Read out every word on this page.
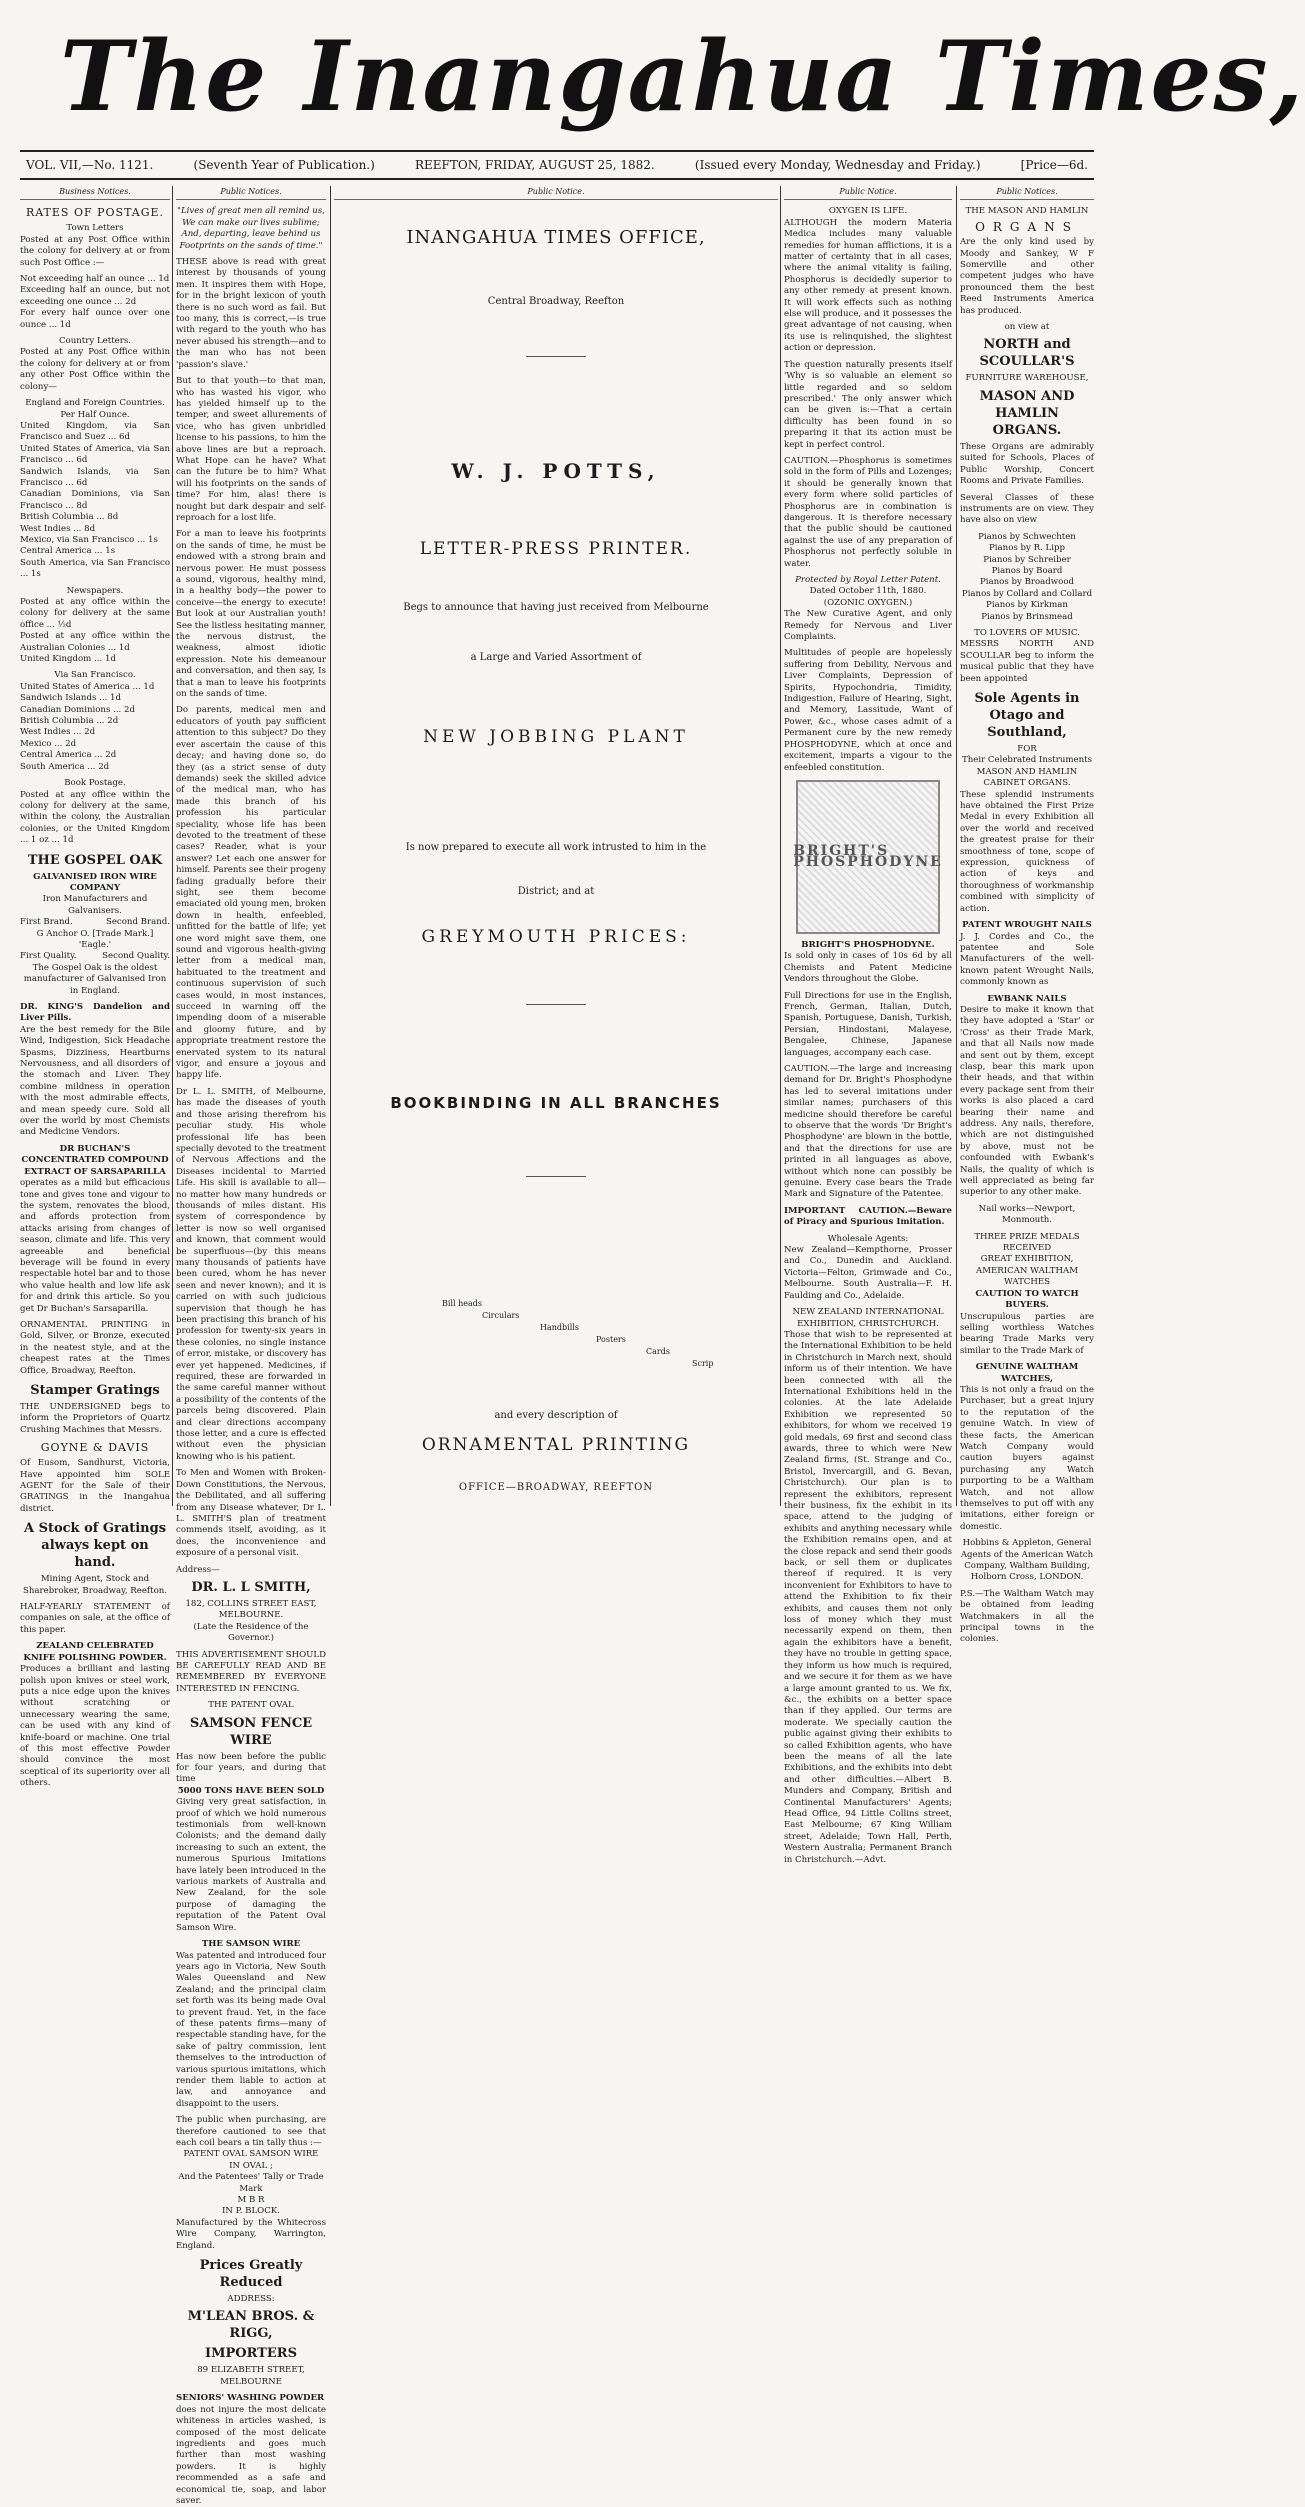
The Inangahua Times,
VOL. VII,—No. 1121.	(Seventh Year of Publication.)	REEFTON, FRIDAY, AUGUST 25, 1882.	(Issued every Monday, Wednesday and Friday.)	[Price—6d.
Business Notices.
RATES OF POSTAGE.
Town Letters
Posted at any Post Office within the colony for delivery at or from such Post Office :—
Not exceeding half an ounce ... 1d
Exceeding half an ounce, but not exceeding one ounce ... 2d
For every half ounce over one ounce ... 1d
Country Letters.
Posted at any Post Office within the colony for delivery at or from any other Post Office within the colony—
England and Foreign Countries.
Per Half Ounce.
United Kingdom, via San Francisco and Suez ... 6d
United States of America, via San Francisco ... 6d
Sandwich Islands, via San Francisco ... 6d
Canadian Dominions, via San Francisco ... 8d
British Columbia ... 8d
West Indies ... 8d
Mexico, via San Francisco ... 1s
Central America ... 1s
South America, via San Francisco ... 1s
Newspapers.
Posted at any office within the colony for delivery at the same office ... ½d
Posted at any office within the Australian Colonies ... 1d
United Kingdom ... 1d
Via San Francisco.
United States of America ... 1d
Sandwich Islands ... 1d
Canadian Dominions ... 2d
British Columbia ... 2d
West Indies ... 2d
Mexico ... 2d
Central America ... 2d
South America ... 2d
Book Postage.
Posted at any office within the colony for delivery at the same, within the colony, the Australian colonies, or the United Kingdom ... 1 oz ... 1d
THE GOSPEL OAK
GALVANISED IRON WIRE COMPANY
Iron Manufacturers and Galvanisers.
First Brand.	Second Brand.
G Anchor O. [Trade Mark.] 'Eagle.'
First Quality.	Second Quality.
The Gospel Oak is the oldest manufacturer of Galvanised Iron in England.
DR. KING'S Dandelion and Liver Pills.
Are the best remedy for the Bile Wind, Indigestion, Sick Headache Spasms, Dizziness, Heartburns Nervousness, and all disorders of the stomach and Liver. They combine mildness in operation with the most admirable effects, and mean speedy cure. Sold all over the world by most Chemists and Medicine Vendors.
DR BUCHAN'S CONCENTRATED COMPOUND EXTRACT OF SARSAPARILLA
operates as a mild but efficacious tone and gives tone and vigour to the system, renovates the blood, and affords protection from attacks arising from changes of season, climate and life. This very agreeable and beneficial beverage will be found in every respectable hotel bar and to those who value health and low life ask for and drink this article. So you get Dr Buchan's Sarsaparilla.
ORNAMENTAL PRINTING in Gold, Silver, or Bronze, executed in the neatest style, and at the cheapest rates at the Times Office, Broadway, Reefton.
Stamper Gratings
THE UNDERSIGNED begs to inform the Proprietors of Quartz Crushing Machines that Messrs.
GOYNE & DAVIS
Of Eusom, Sandhurst, Victoria, Have appointed him SOLE AGENT for the Sale of their GRATINGS in the Inangahua district.
A Stock of Gratings always kept on hand.
Mining Agent, Stock and Sharebroker, Broadway, Reefton.
HALF-YEARLY STATEMENT of companies on sale, at the office of this paper.
ZEALAND CELEBRATED KNIFE POLISHING POWDER.
Produces a brilliant and lasting polish upon knives or steel work, puts a nice edge upon the knives without scratching or unnecessary wearing the same, can be used with any kind of knife-board or machine. One trial of this most effective Powder should convince the most sceptical of its superiority over all others.
Public Notices.
"Lives of great men all remind us, We can make our lives sublime; And, departing, leave behind us Footprints on the sands of time."
THESE above is read with great interest by thousands of young men. It inspires them with Hope, for in the bright lexicon of youth there is no such word as fail. But too many, this is correct,—is true with regard to the youth who has never abused his strength—and to the man who has not been 'passion's slave.'
But to that youth—to that man, who has wasted his vigor, who has yielded himself up to the temper, and sweet allurements of vice, who has given unbridled license to his passions, to him the above lines are but a reproach. What Hope can he have? What can the future be to him? What will his footprints on the sands of time? For him, alas! there is nought but dark despair and self-reproach for a lost life.
For a man to leave his footprints on the sands of time, he must be endowed with a strong brain and nervous power. He must possess a sound, vigorous, healthy mind, in a healthy body—the power to conceive—the energy to execute! But look at our Australian youth! See the listless hesitating manner, the nervous distrust, the weakness, almost idiotic expression. Note his demeanour and conversation, and then say, Is that a man to leave his footprints on the sands of time.
Do parents, medical men and educators of youth pay sufficient attention to this subject? Do they ever ascertain the cause of this decay; and having done so, do they (as a strict sense of duty demands) seek the skilled advice of the medical man, who has made this branch of his profession his particular speciality, whose life has been devoted to the treatment of these cases? Reader, what is your answer? Let each one answer for himself. Parents see their progeny fading gradually before their sight, see them become emaciated old young men, broken down in health, enfeebled, unfitted for the battle of life; yet one word might save them, one sound and vigorous health-giving letter from a medical man, habituated to the treatment and continuous supervision of such cases would, in most instances, succeed in warning off the impending doom of a miserable and gloomy future, and by appropriate treatment restore the enervated system to its natural vigor, and ensure a joyous and happy life.
Dr L. L. SMITH, of Melbourne, has made the diseases of youth and those arising therefrom his peculiar study. His whole professional life has been specially devoted to the treatment of Nervous Affections and the Diseases incidental to Married Life. His skill is available to all—no matter how many hundreds or thousands of miles distant. His system of correspondence by letter is now so well organised and known, that comment would be superfluous—(by this means many thousands of patients have been cured, whom he has never seen and never known); and it is carried on with such judicious supervision that though he has been practising this branch of his profession for twenty-six years in these colonies, no single instance of error, mistake, or discovery has ever yet happened. Medicines, if required, these are forwarded in the same careful manner without a possibility of the contents of the parcels being discovered. Plain and clear directions accompany those letter, and a cure is effected without even the physician knowing who is his patient.
To Men and Women with Broken-Down Constitutions, the Nervous, the Debilitated, and all suffering from any Disease whatever, Dr L. L. SMITH'S plan of treatment commends itself, avoiding, as it does, the inconvenience and exposure of a personal visit.
Address—
DR. L. L SMITH,
182, COLLINS STREET EAST, MELBOURNE.
(Late the Residence of the Governor.)
THIS ADVERTISEMENT SHOULD BE CAREFULLY READ AND BE REMEMBERED BY EVERYONE INTERESTED IN FENCING.
THE PATENT OVAL
SAMSON FENCE WIRE
Has now been before the public for four years, and during that time
5000 TONS HAVE BEEN SOLD
Giving very great satisfaction, in proof of which we hold numerous testimonials from well-known Colonists; and the demand daily increasing to such an extent, the numerous Spurious Imitations have lately been introduced in the various markets of Australia and New Zealand, for the sole purpose of damaging the reputation of the Patent Oval Samson Wire.
THE SAMSON WIRE
Was patented and introduced four years ago in Victoria, New South Wales Queensland and New Zealand; and the principal claim set forth was its being made Oval to prevent fraud. Yet, in the face of these patents firms—many of respectable standing have, for the sake of paltry commission, lent themselves to the introduction of various spurious imitations, which render them liable to action at law, and annoyance and disappoint to the users.
The public when purchasing, are therefore cautioned to see that each coil bears a tin tally thus :—
PATENT OVAL SAMSON WIRE
IN OVAL ;
And the Patentees' Tally or Trade Mark
M B R
IN P. BLOCK.
Manufactured by the Whitecross Wire Company, Warrington, England.
Prices Greatly Reduced
ADDRESS:
M'LEAN BROS. & RIGG,
IMPORTERS
89 ELIZABETH STREET, MELBOURNE
SENIORS' WASHING POWDER
does not injure the most delicate whiteness in articles washed, is composed of the most delicate ingredients and goes much further than most washing powders. It is highly recommended as a safe and economical tie, soap, and labor saver.
Public Notice.
INANGAHUA TIMES OFFICE,
Central Broadway, Reefton
W. J. POTTS,
LETTER-PRESS PRINTER.
Begs to announce that having just received from Melbourne
a Large and Varied Assortment of
NEW JOBBING PLANT
Is now prepared to execute all work intrusted to him in the
District; and at
GREYMOUTH PRICES:
BOOKBINDING IN ALL BRANCHES
Bill heads
Circulars
Handbills
Posters
Cards
Scrip
and every description of
ORNAMENTAL PRINTING
OFFICE—BROADWAY, REEFTON
Public Notice.
OXYGEN IS LIFE.
ALTHOUGH the modern Materia Medica includes many valuable remedies for human afflictions, it is a matter of certainty that in all cases, where the animal vitality is failing, Phosphorus is decidedly superior to any other remedy at present known. It will work effects such as nothing else will produce, and it possesses the great advantage of not causing, when its use is relinquished, the slightest action or depression.
The question naturally presents itself 'Why is so valuable an element so little regarded and so seldom prescribed.' The only answer which can be given is:—That a certain difficulty has been found in so preparing it that its action must be kept in perfect control.
CAUTION.—Phosphorus is sometimes sold in the form of Pills and Lozenges; it should be generally known that every form where solid particles of Phosphorus are in combination is dangerous. It is therefore necessary that the public should be cautioned against the use of any preparation of Phosphorus not perfectly soluble in water.
Protected by Royal Letter Patent.
Dated October 11th, 1880.
(OZONIC OXYGEN.)
The New Curative Agent, and only Remedy for Nervous and Liver Complaints.
Multitudes of people are hopelessly suffering from Debility, Nervous and Liver Complaints, Depression of Spirits, Hypochondria, Timidity, Indigestion, Failure of Hearing, Sight, and Memory, Lassitude, Want of Power, &c., whose cases admit of a Permanent cure by the new remedy PHOSPHODYNE, which at once and excitement, imparts a vigour to the enfeebled constitution.
BRIGHT'S PHOSPHODYNE
BRIGHT'S PHOSPHODYNE.
Is sold only in cases of 10s 6d by all Chemists and Patent Medicine Vendors throughout the Globe.
Full Directions for use in the English, French, German, Italian, Dutch, Spanish, Portuguese, Danish, Turkish, Persian, Hindostani, Malayese, Bengalee, Chinese, Japanese languages, accompany each case.
CAUTION.—The large and increasing demand for Dr. Bright's Phosphodyne has led to several imitations under similar names; purchasers of this medicine should therefore be careful to observe that the words 'Dr Bright's Phosphodyne' are blown in the bottle, and that the directions for use are printed in all languages as above, without which none can possibly be genuine. Every case bears the Trade Mark and Signature of the Patentee.
IMPORTANT CAUTION.—Beware of Piracy and Spurious Imitation.
Wholesale Agents:
New Zealand—Kempthorne, Prosser and Co., Dunedin and Auckland. Victoria—Felton, Grimwade and Co., Melbourne. South Australia—F. H. Faulding and Co., Adelaide.
NEW ZEALAND INTERNATIONAL EXHIBITION, CHRISTCHURCH.
Those that wish to be represented at the International Exhibition to be held in Christchurch in March next, should inform us of their intention. We have been connected with all the International Exhibitions held in the colonies. At the late Adelaide Exhibition we represented 50 exhibitors, for whom we received 19 gold medals, 69 first and second class awards, three to which were New Zealand firms, (St. Strange and Co., Bristol, Invercargill, and G. Bevan, Christchurch). Our plan is to represent the exhibitors, represent their business, fix the exhibit in its space, attend to the judging of exhibits and anything necessary while the Exhibition remains open, and at the close repack and send their goods back, or sell them or duplicates thereof if required. It is very inconvenient for Exhibitors to have to attend the Exhibition to fix their exhibits, and causes them not only loss of money which they must necessarily expend on them, then again the exhibitors have a benefit, they have no trouble in getting space, they inform us how much is required, and we secure it for them as we have a large amount granted to us. We fix, &c., the exhibits on a better space than if they applied. Our terms are moderate. We specially caution the public against giving their exhibits to so called Exhibition agents, who have been the means of all the late Exhibitions, and the exhibits into debt and other difficulties.—Albert B. Munders and Company, British and Continental Manufacturers' Agents; Head Office, 94 Little Collins street, East Melbourne; 67 King William street, Adelaide; Town Hall, Perth, Western Australia; Permanent Branch in Christchurch.—Advt.
Public Notices.
THE MASON AND HAMLIN
ORGANS
Are the only kind used by Moody and Sankey, W F Somerville and other competent judges who have pronounced them the best Reed Instruments America has produced.
on view at
NORTH and SCOULLAR'S
FURNITURE WAREHOUSE,
MASON AND HAMLIN ORGANS.
These Organs are admirably suited for Schools, Places of Public Worship, Concert Rooms and Private Families.
Several Classes of these instruments are on view. They have also on view
Pianos by Schwechten
Pianos by R. Lipp
Pianos by Schreiber
Pianos by Board
Pianos by Broadwood
Pianos by Collard and Collard
Pianos by Kirkman
Pianos by Brinsmead
TO LOVERS OF MUSIC.
MESSRS NORTH AND SCOULLAR beg to inform the musical public that they have been appointed
Sole Agents in Otago and Southland,
FOR
Their Celebrated Instruments
MASON AND HAMLIN CABINET ORGANS.
These splendid instruments have obtained the First Prize Medal in every Exhibition all over the world and received the greatest praise for their smoothness of tone, scope of expression, quickness of action of keys and thoroughness of workmanship combined with simplicity of action.
PATENT WROUGHT NAILS
J. J. Cordes and Co., the patentee and Sole Manufacturers of the well-known patent Wrought Nails, commonly known as
EWBANK NAILS
Desire to make it known that they have adopted a 'Star' or 'Cross' as their Trade Mark, and that all Nails now made and sent out by them, except clasp, bear this mark upon their heads, and that within every package sent from their works is also placed a card bearing their name and address. Any nails, therefore, which are not distinguished by above, must not be confounded with Ewbank's Nails, the quality of which is well appreciated as being far superior to any other make.
Nail works—Newport, Monmouth.
THREE PRIZE MEDALS RECEIVED
GREAT EXHIBITION,
AMERICAN WALTHAM WATCHES
CAUTION TO WATCH BUYERS.
Unscrupulous parties are selling worthless Watches bearing Trade Marks very similar to the Trade Mark of
GENUINE WALTHAM WATCHES,
This is not only a fraud on the Purchaser, but a great injury to the reputation of the genuine Watch. In view of these facts, the American Watch Company would caution buyers against purchasing any Watch purporting to be a Waltham Watch, and not allow themselves to put off with any imitations, either foreign or domestic.
Hobbins & Appleton, General Agents of the American Watch Company, Waltham Building, Holborn Cross, LONDON.
P.S.—The Waltham Watch may be obtained from leading Watchmakers in all the principal towns in the colonies.
